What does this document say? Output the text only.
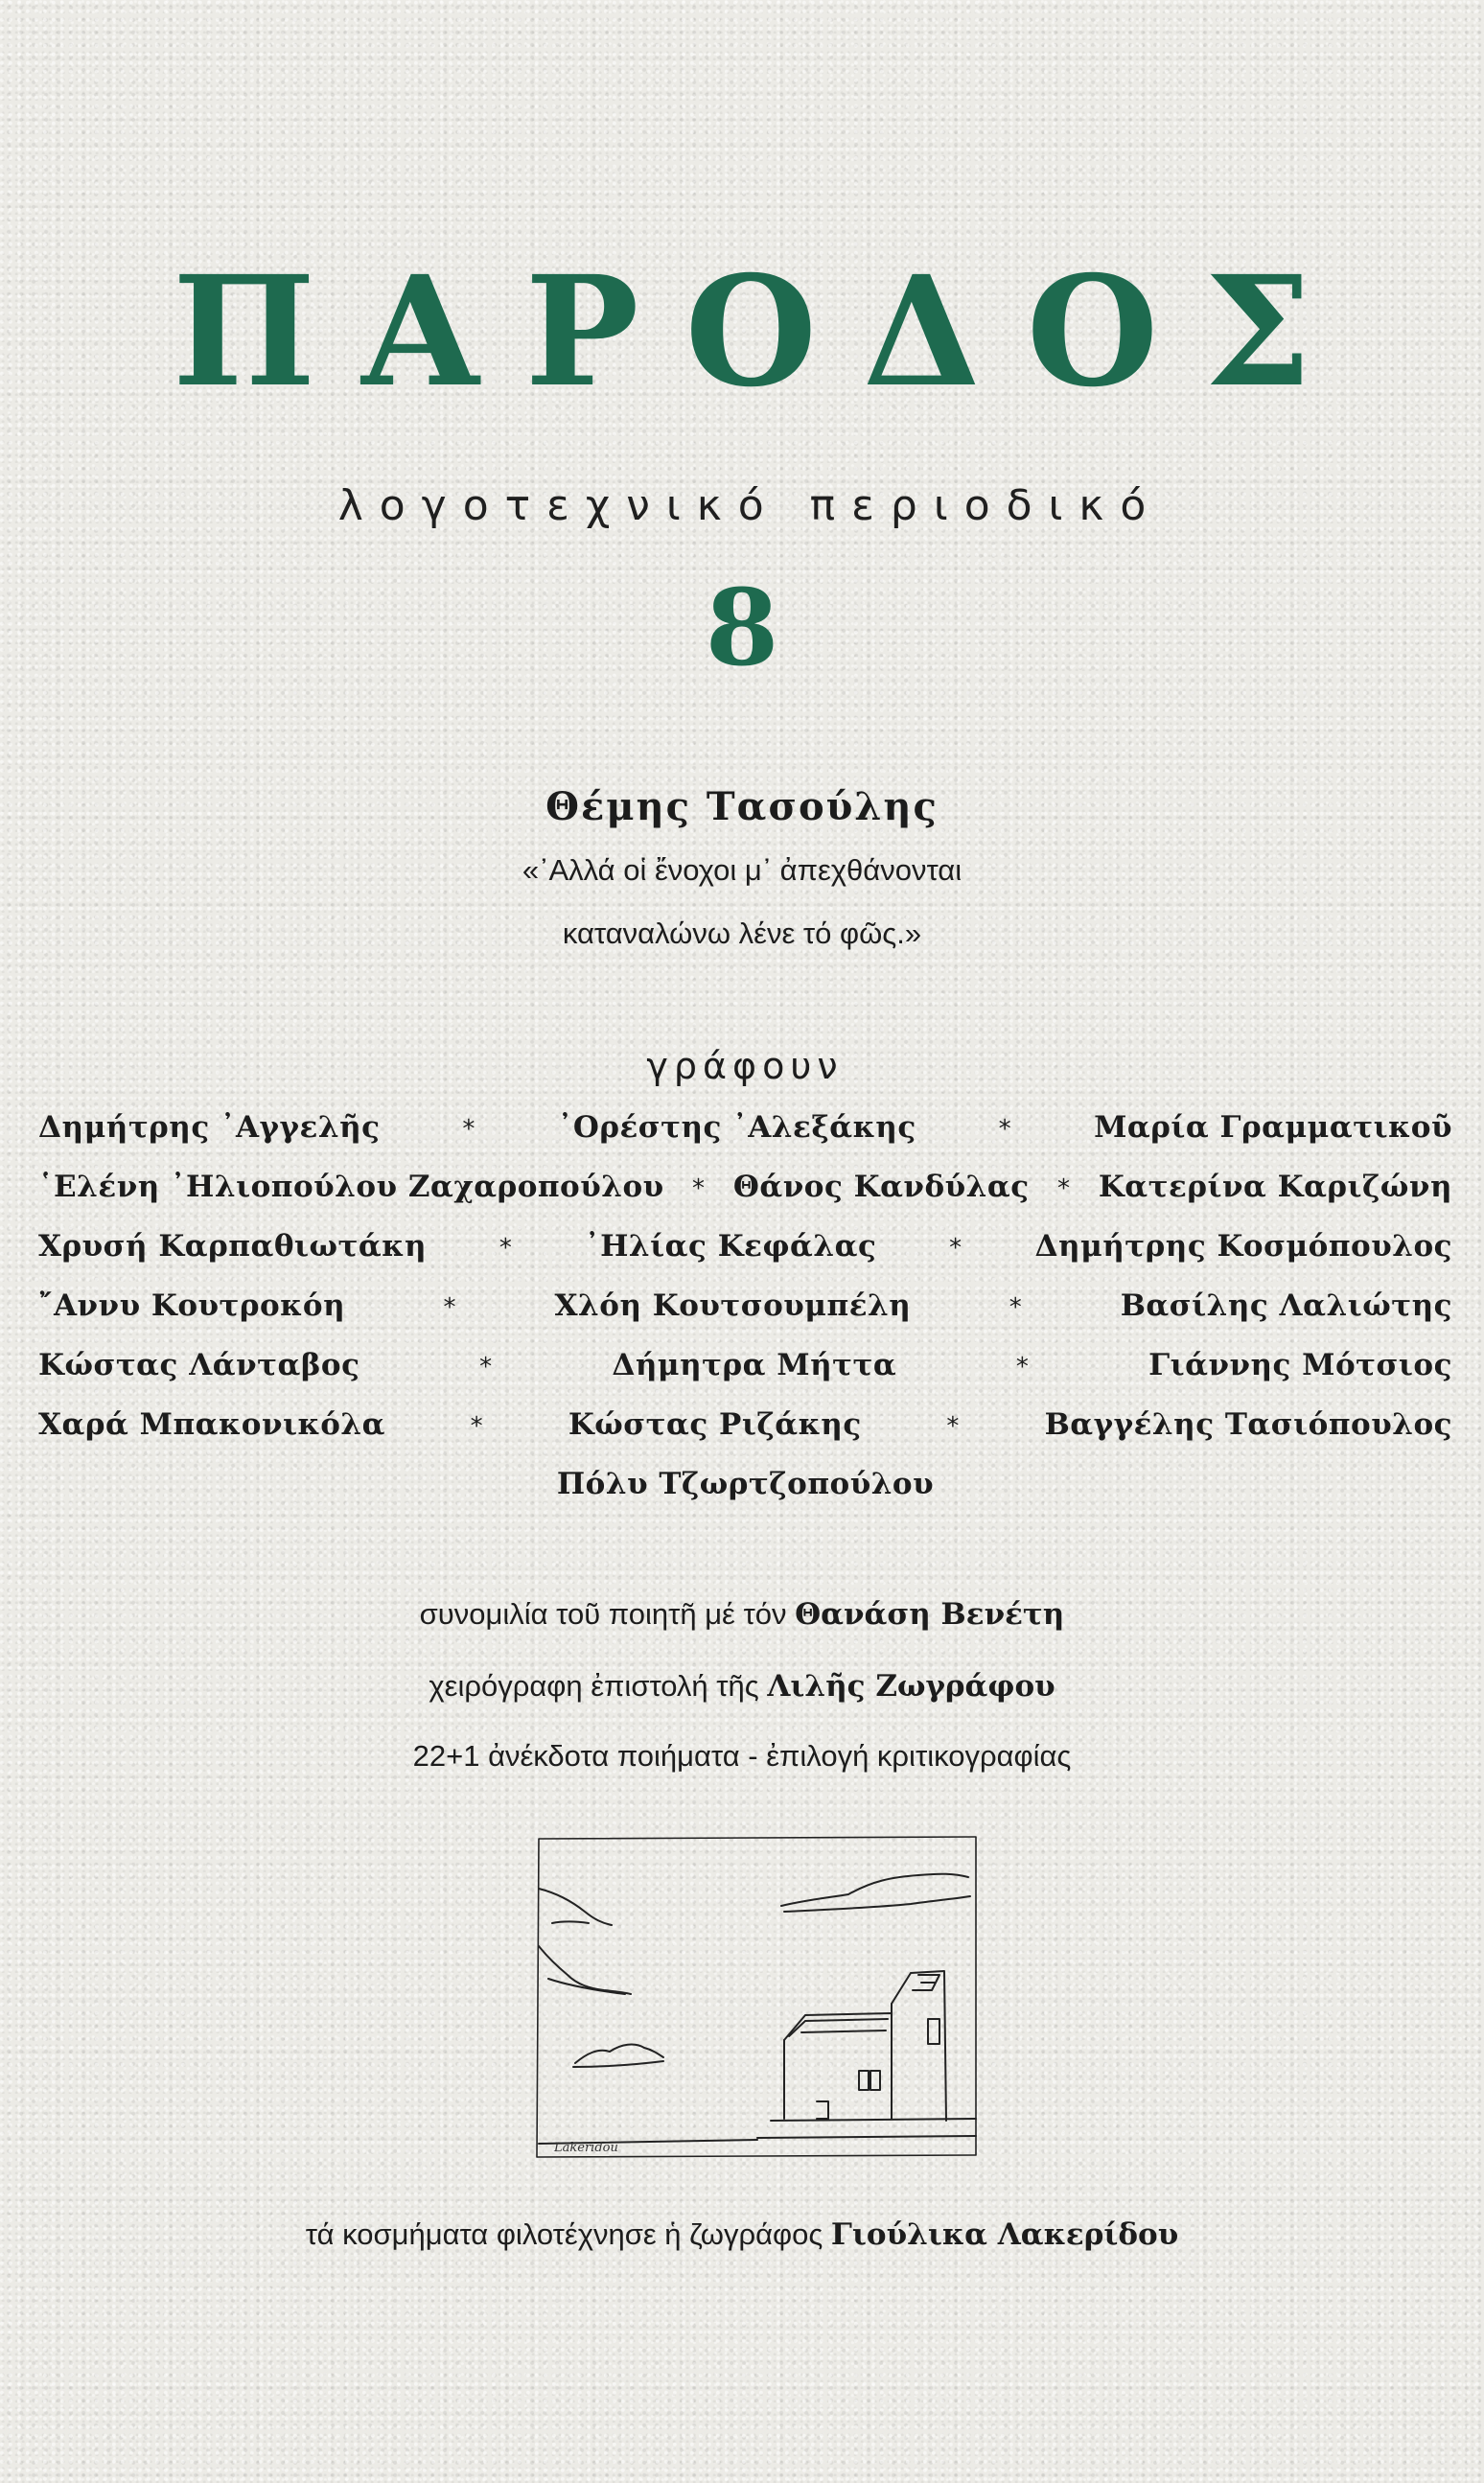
ΠΑΡΟΔΟΣ
λογοτεχνικό περιοδικό
8
Θέμης Τασούλης
«᾽Αλλά οἱ ἔνοχοι μ᾽ ἀπεχθάνονται
καταναλώνω λένε τό φῶς.»
γράφουν
Δημήτρης ᾽Αγγελῆς	*	᾽Ορέστης ᾽Αλεξάκης	*	Μαρία Γραμματικοῦ
῾Ελένη ᾽Ηλιοπούλου Ζαχαροπούλου * Θάνος Κανδύλας * Κατερίνα Καριζώνη
Χρυσή Καρπαθιωτάκη	* ᾽Ηλίας Κεφάλας	* Δημήτρης Κοσμόπουλος
῎Αννυ Κουτροκόη	*	Χλόη Κουτσουμπέλη	*	Βασίλης Λαλιώτης
Κώστας Λάνταβος	*	Δήμητρα Μήττα	*	Γιάννης Μότσιος
Χαρά Μπακονικόλα	*	Κώστας Ριζάκης	*	Βαγγέλης Τασιόπουλος
Πόλυ Τζωρτζοπούλου
συνομιλία τοῦ ποιητῆ μέ τόν Θανάση Βενέτη
χειρόγραφη ἐπιστολή τῆς Λιλῆς Ζωγράφου
22+1 ἀνέκδοτα ποιήματα - ἐπιλογή κριτικογραφίας
Lakeridou
τά κοσμήματα φιλοτέχνησε ἡ ζωγράφος Γιούλικα Λακερίδου
